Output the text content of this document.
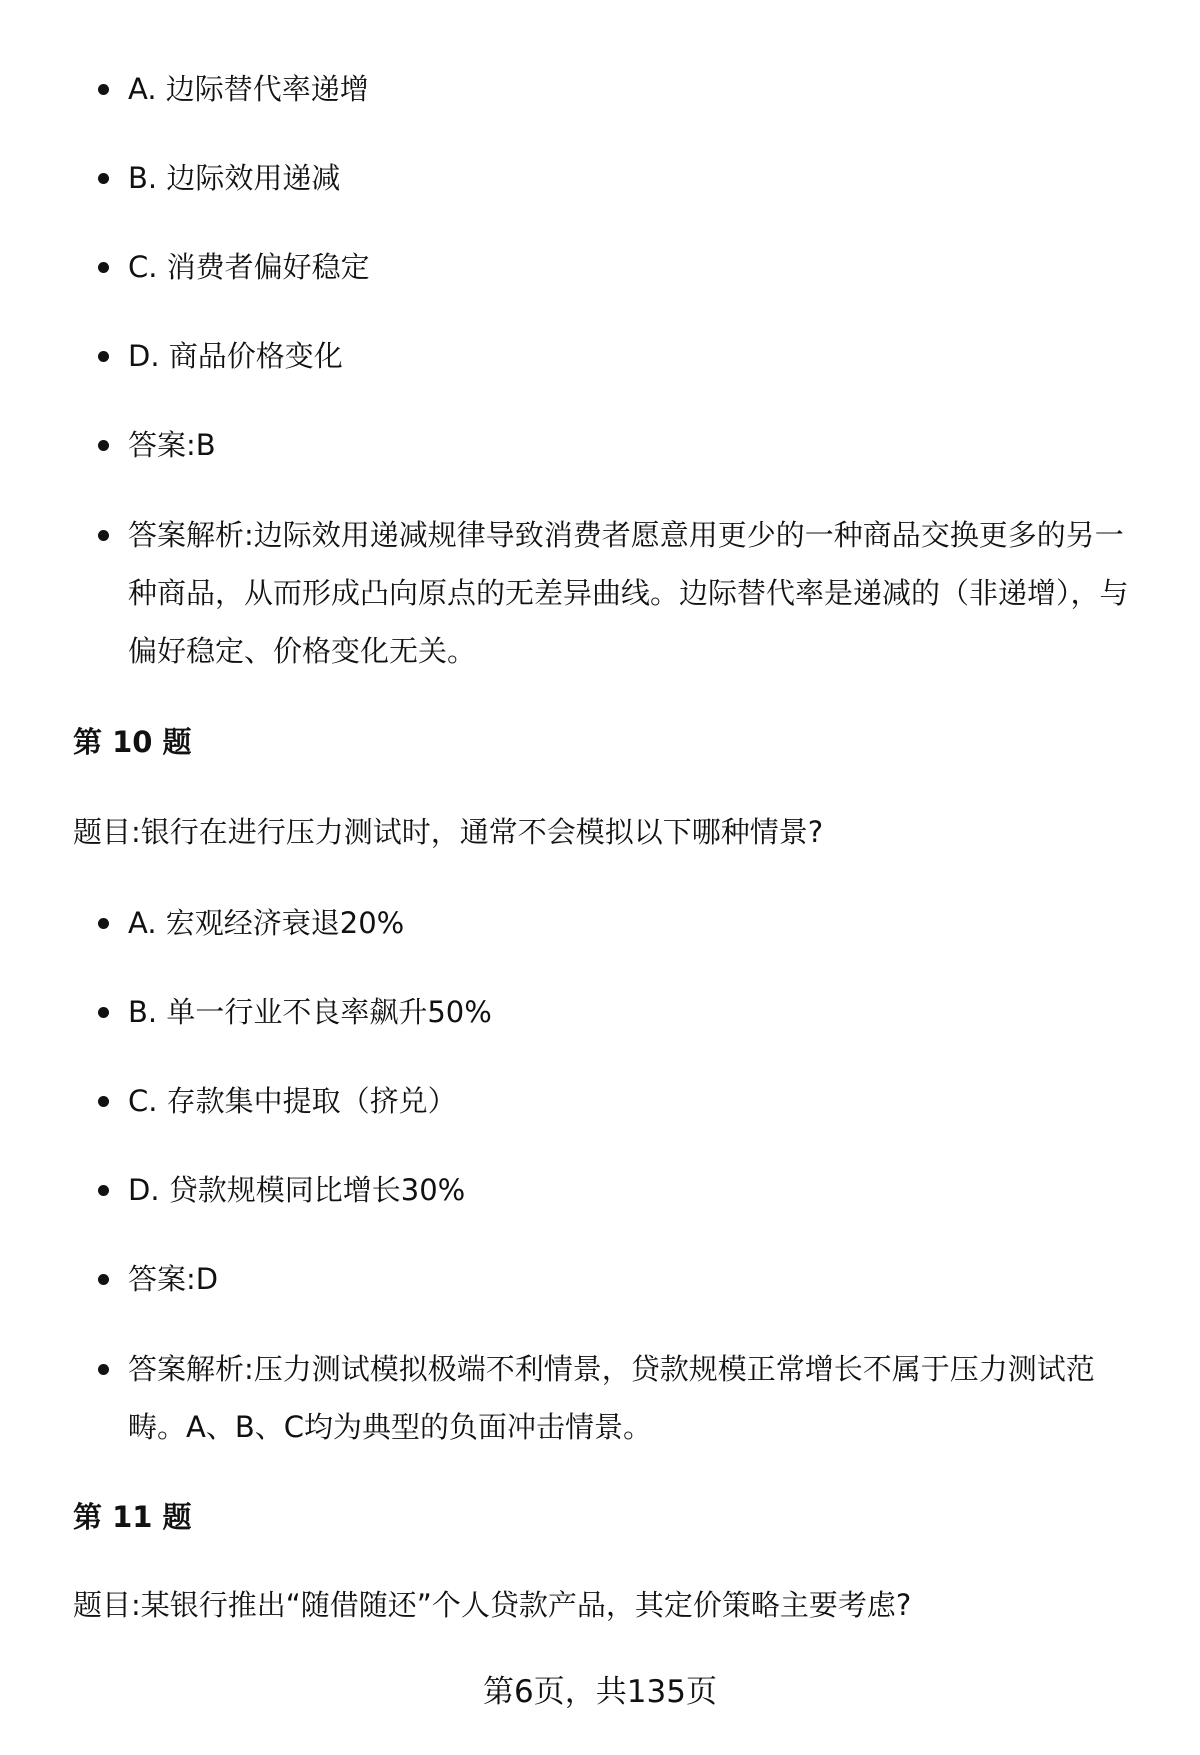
A. 边际替代率递增
B. 边际效用递减
C. 消费者偏好稳定
D. 商品价格变化
答案:B
答案解析:边际效用递减规律导致消费者愿意用更少的一种商品交换更多的另一种商品，从而形成凸向原点的无差异曲线。边际替代率是递减的（非递增），与偏好稳定、价格变化无关。
第 10 题
题目:银行在进行压力测试时，通常不会模拟以下哪种情景?
A. 宏观经济衰退20%
B. 单一行业不良率飙升50%
C. 存款集中提取（挤兑）
D. 贷款规模同比增长30%
答案:D
答案解析:压力测试模拟极端不利情景，贷款规模正常增长不属于压力测试范畴。A、B、C均为典型的负面冲击情景。
第 11 题
题目:某银行推出“随借随还”个人贷款产品，其定价策略主要考虑?
第6页，共135页
